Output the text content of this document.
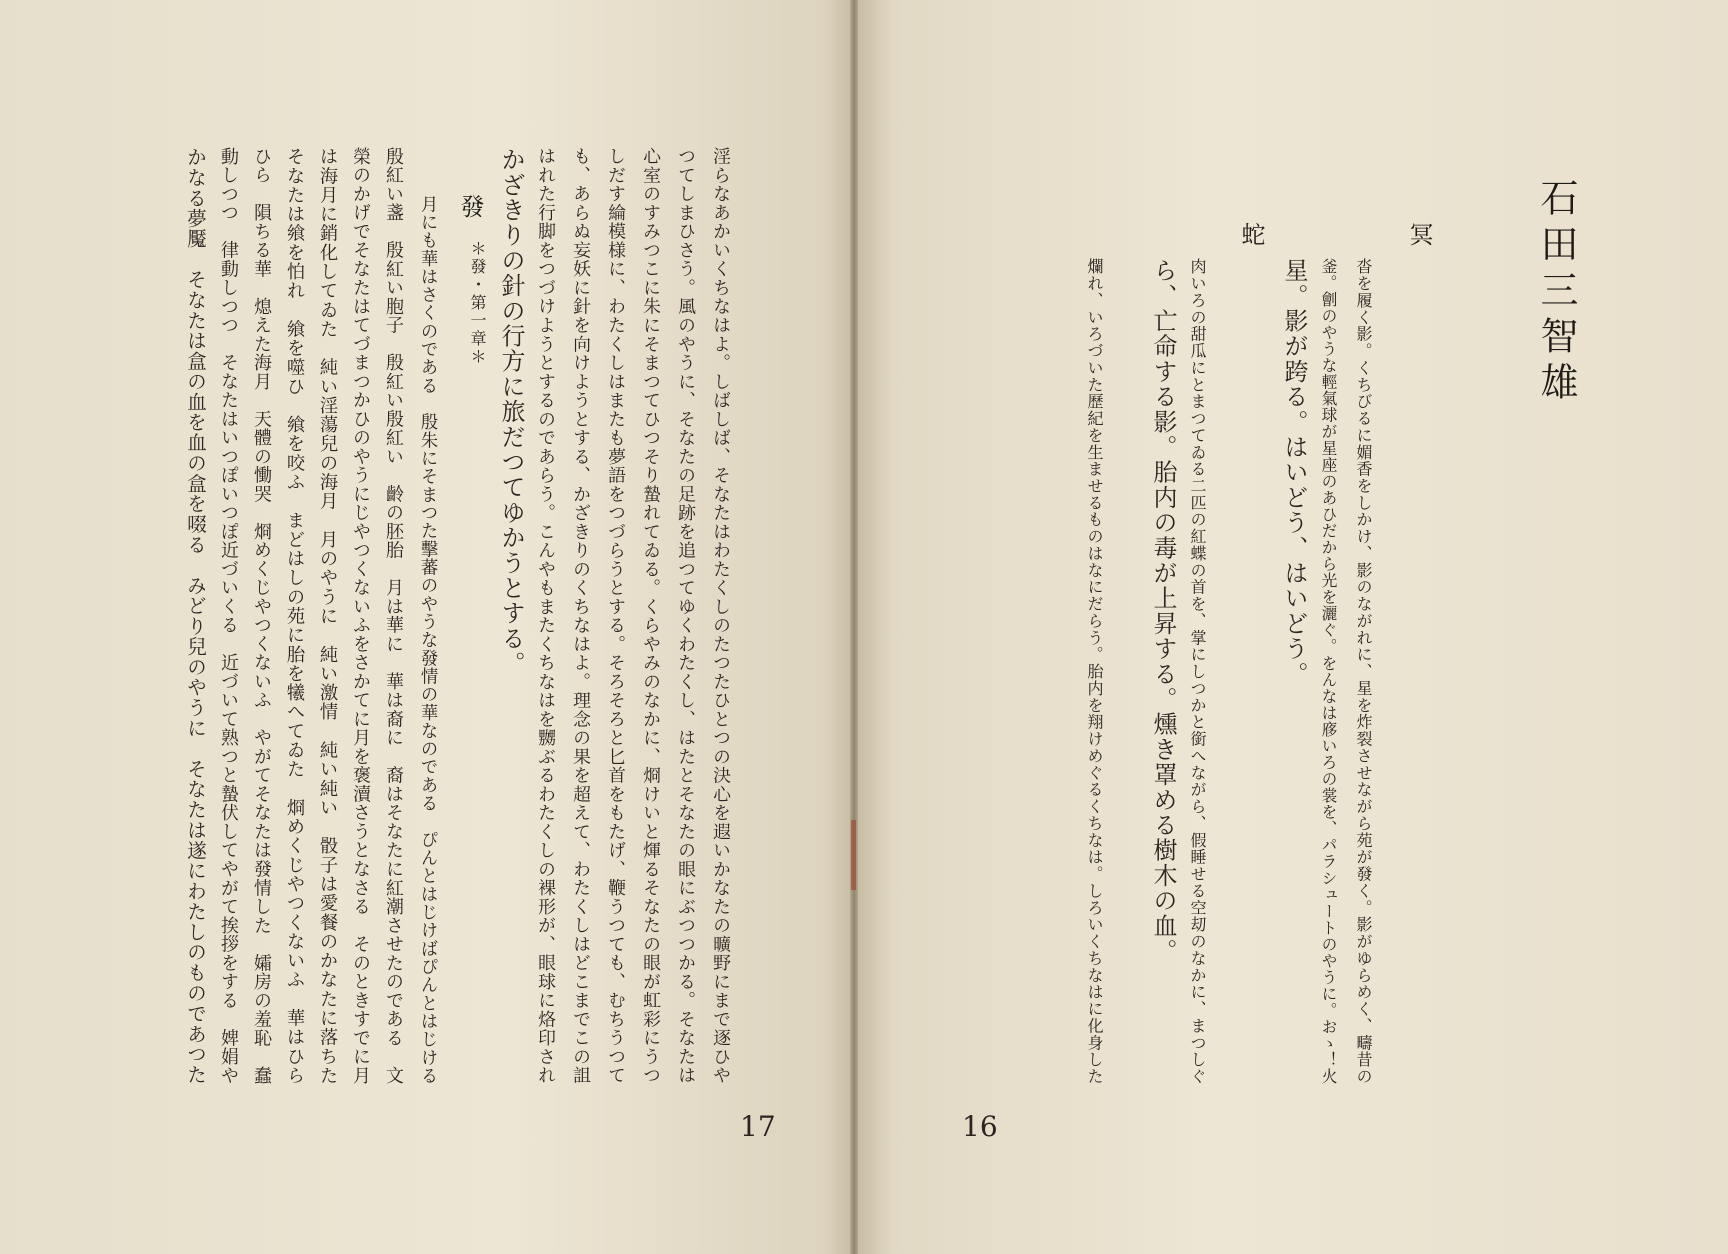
石田三智雄
冥
沓を履く影。くちびるに媚香をしかけ、影のながれに、星を炸裂させながら苑が發く。影がゆらめく、疇昔の
釜。劊のやうな輕氣球が星座のあひだから光を灑ぐ。をんなは㢋いろの裳を、パラシュートのやうに。おゝ！火
星。影が跨る。はいどう、はいどう。
蛇
肉いろの甜瓜にとまつてゐる二匹の紅蝶の首を、掌にしつかと銜へながら、假睡せる空刧のなかに、まつしぐ
ら、亡命する影。胎内の毒が上昇する。燻き罩める樹木の血。
爛れ、いろづいた歷紀を生ませるものはなにだらう。胎内を翔けめぐるくちなは。しろいくちなはに化身した
16
淫らなあかいくちなはよ。しばしば、そなたはわたくしのたつたひとつの決心を遐いかなたの曠野にまで逐ひや
つてしまひさう。風のやうに、そなたの足跡を追つてゆくわたくし、はたとそなたの眼にぶつつかる。そなたは
心室のすみつこに朱にそまつてひつそり蟄れてゐる。くらやみのなかに、烱けいと煇るそなたの眼が虹彩にうつ
しだす綸模様に、わたくしはまたも夢語をつづらうとする。そろそろと匕首をもたげ、鞭うつても、むちうつて
も、あらぬ妄妖に針を向けようとする、かざきりのくちなはよ。理念の果を超えて、わたくしはどこまでこの詛
はれた行脚をつづけようとするのであらう。こんやもまたくちなはを嬲ぶるわたくしの裸形が、眼球に烙印され
かざきりの針の行方に旅だつてゆかうとする。
發
＊發・第一章＊
月にも華はさくのである　殷朱にそまつた擊蕃のやうな發情の華なのである　ぴんとはじけばぴんとはじける
殷紅い盞　殷紅い胞子　殷紅い殷紅い　齡の胚胎　月は華に　華は裔に　裔はそなたに紅潮させたのである　文
榮のかげでそなたはてづまつかひのやうにじやつくないふをさかてに月を褒瀆さうとなさる　そのときすでに月
は海月に銷化してゐた　純い淫蕩兒の海月　月のやうに　純い激情　純い純い　骰子は愛餐のかなたに落ちた
そなたは飨を怕れ　飨を噬ひ　飨を咬ふ　まどはしの苑に胎を犧へてゐた　烱めくじやつくないふ　華はひら
ひら　隕ちる華　熄えた海月　天體の慟哭　烱めくじやつくないふ　やがてそなたは發情した　孀房の羞恥　蠢
動しつつ　律動しつつ　そなたはいつぽいつぽ近づいくる　近づいて熟つと蟄伏してやがて挨拶をする　婢娟や
かなる夢魘　そなたは盒の血を血の盒を啜る　みどり兒のやうに　そなたは遂にわたしのものであつた
17
